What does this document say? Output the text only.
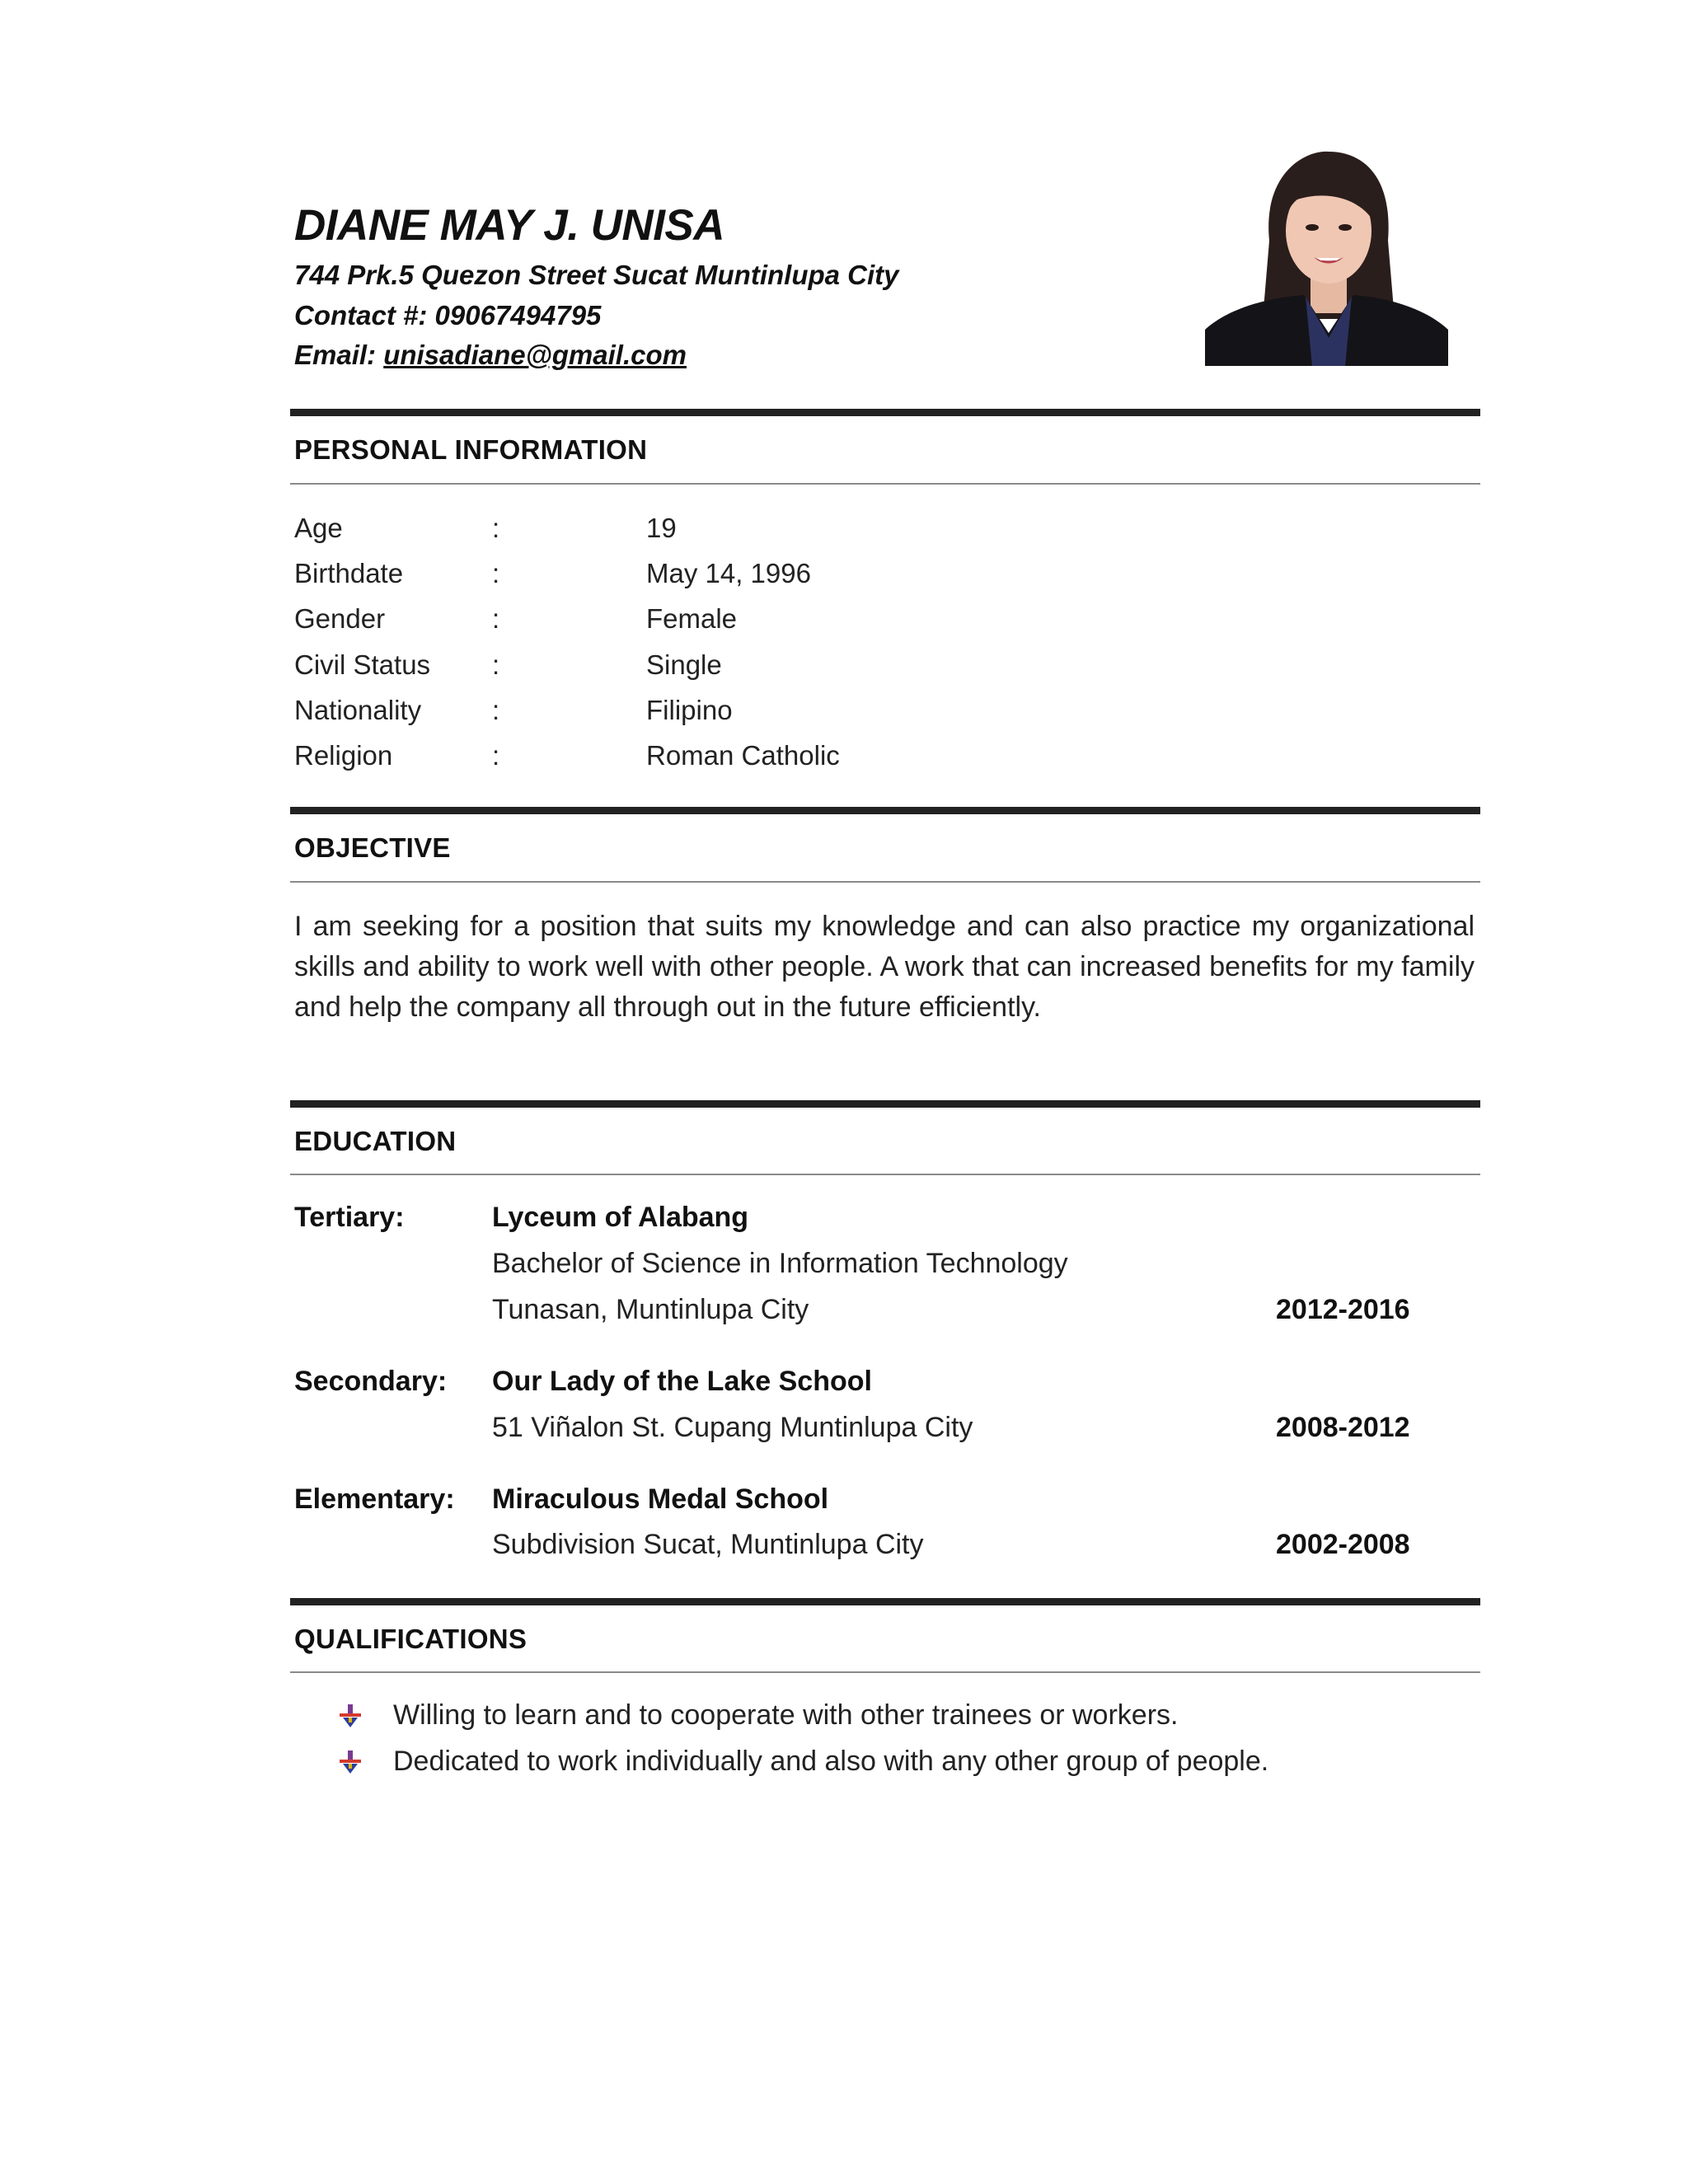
DIANE MAY J. UNISA
744 Prk.5 Quezon Street Sucat Muntinlupa City
Contact #: 09067494795
Email: unisadiane@gmail.com
PERSONAL INFORMATION
Age	:	19
Birthdate	:	May 14, 1996
Gender	:	Female
Civil Status :	Single
Nationality	:	Filipino
Religion	:	Roman Catholic
OBJECTIVE
I am seeking for a position that suits my knowledge and can also practice my organizational skills and ability to work well with other people. A work that can increased benefits for my family and help the company all through out in the future efficiently.
EDUCATION
Tertiary:	Lyceum of Alabang
Bachelor of Science in Information Technology
Tunasan, Muntinlupa City	2012-2016
Secondary: Our Lady of the Lake School
51 Viñalon St. Cupang Muntinlupa City	2008-2012
Elementary: Miraculous Medal School
Subdivision Sucat, Muntinlupa City	2002-2008
QUALIFICATIONS
Willing to learn and to cooperate with other trainees or workers.
Dedicated to work individually and also with any other group of people.
